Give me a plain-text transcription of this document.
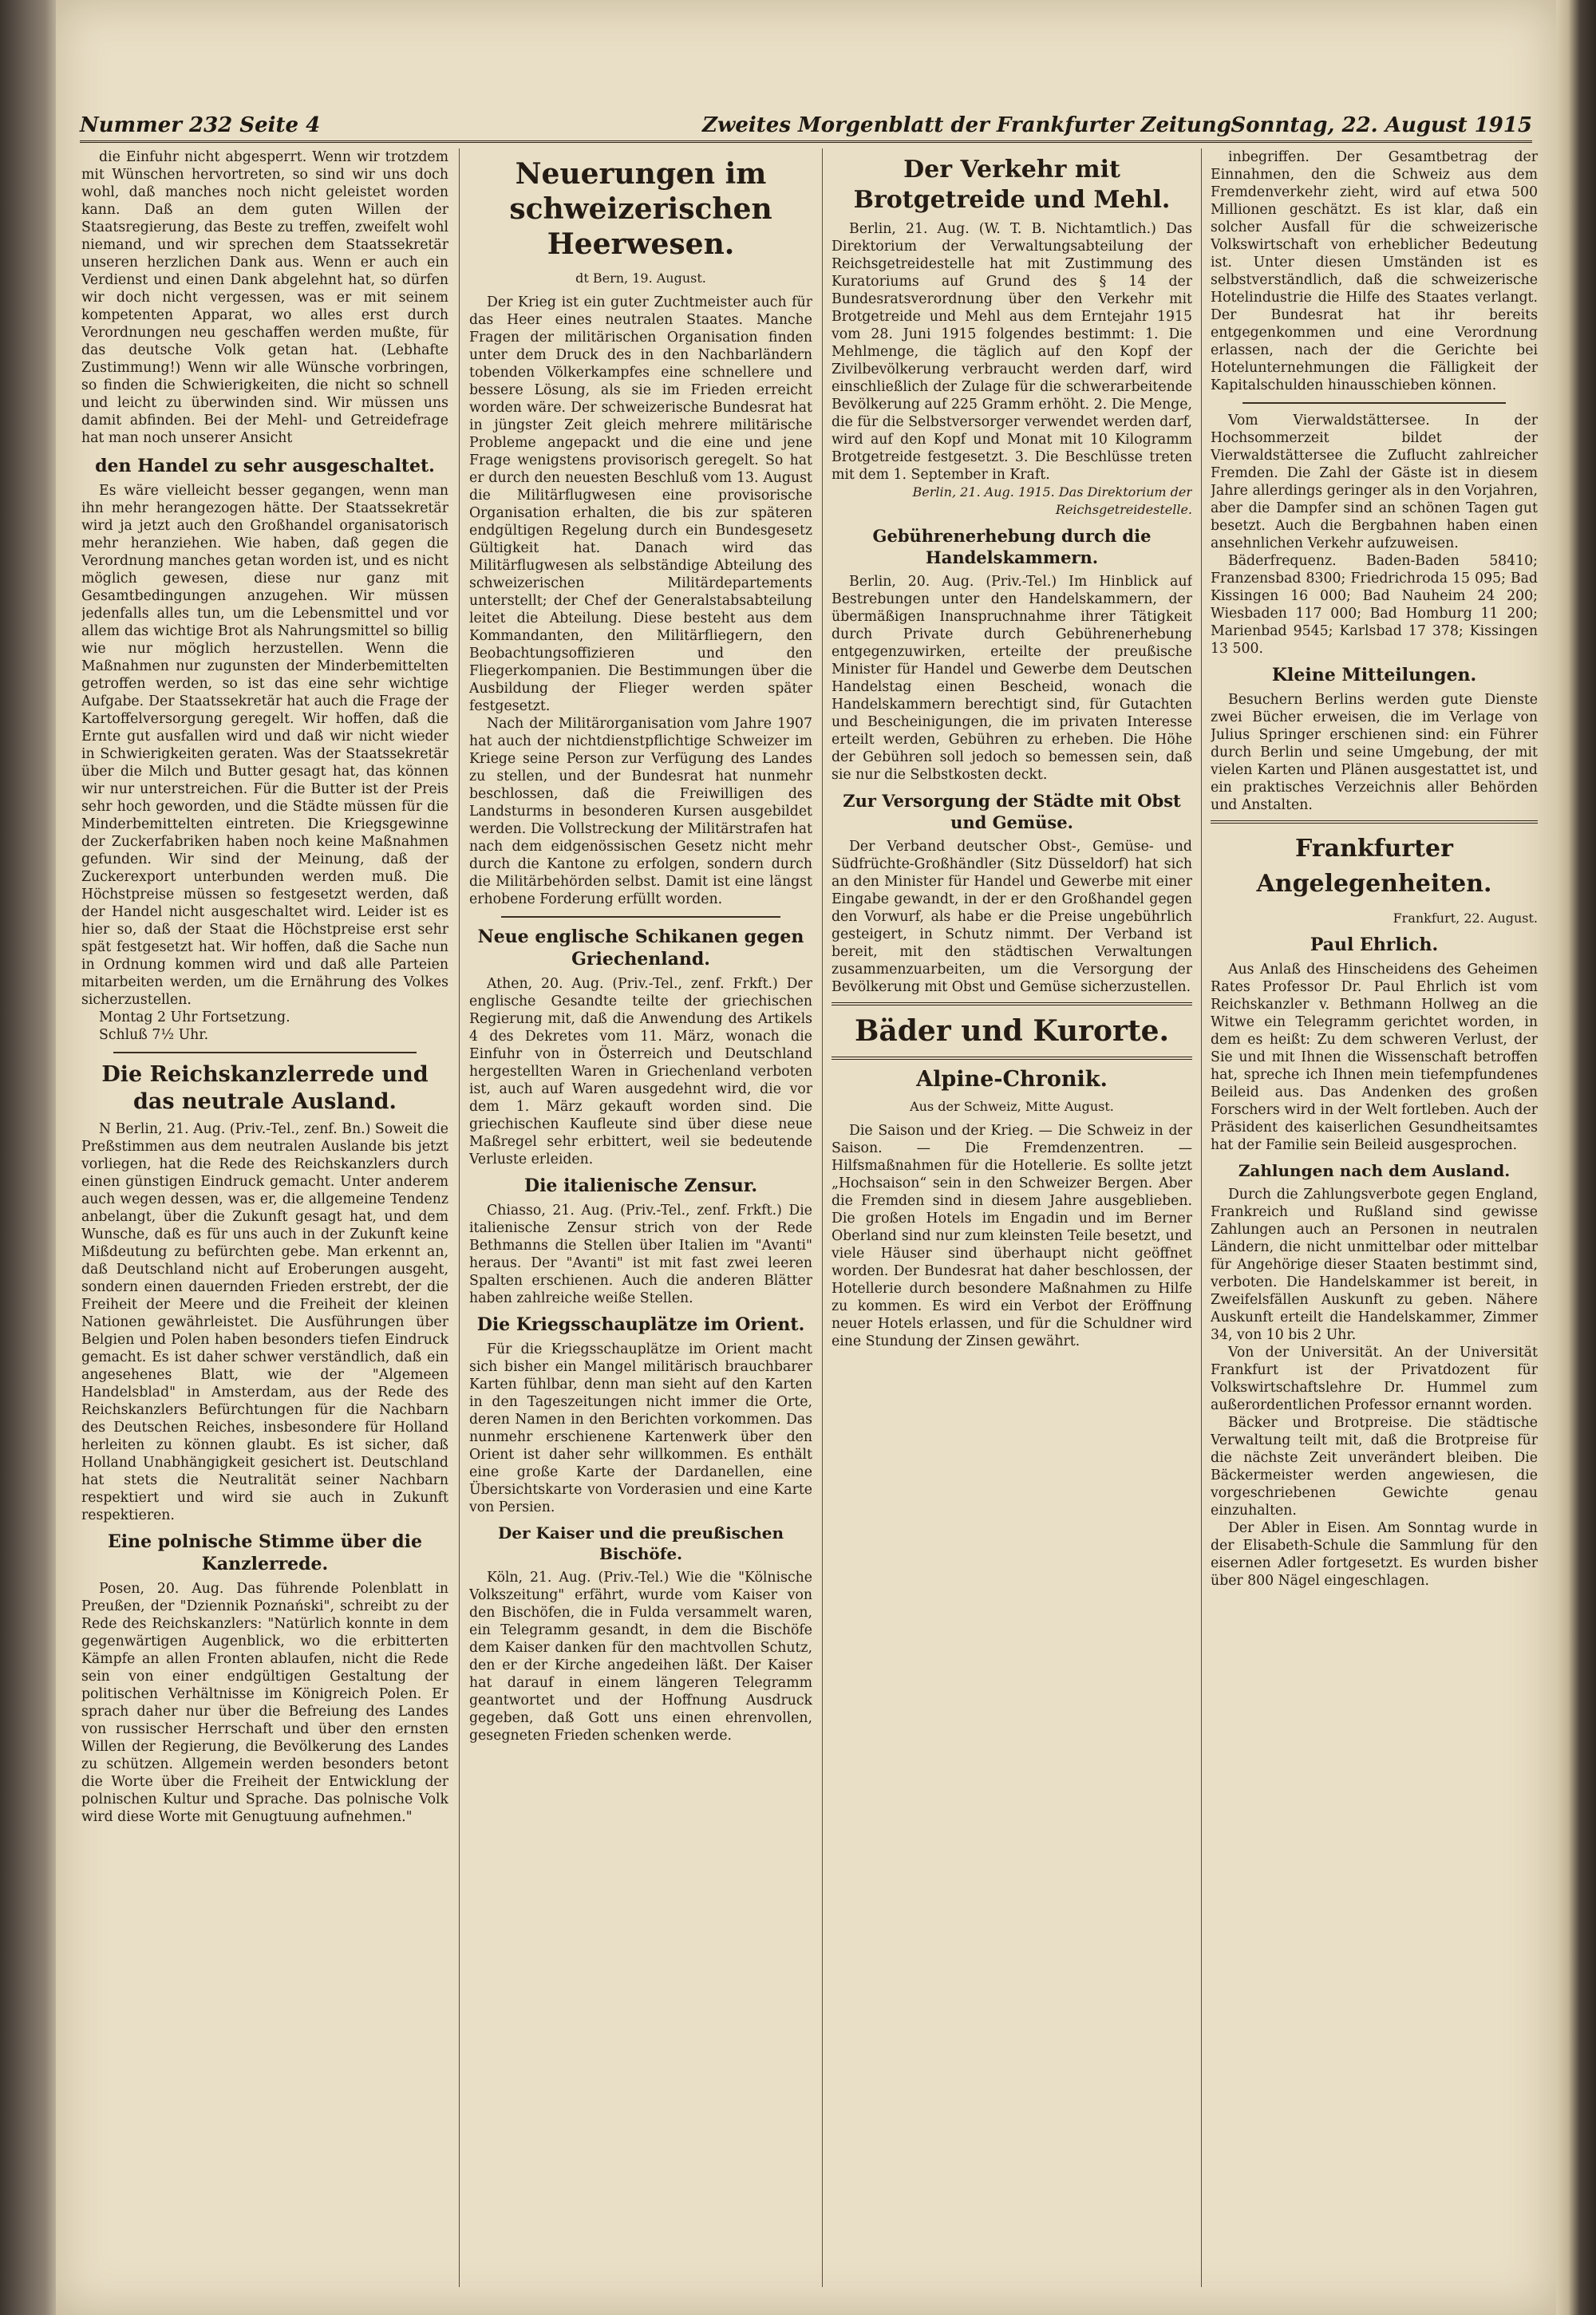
Nummer 232 Seite 4	Zweites Morgenblatt der Frankfurter Zeitung Sonntag, 22. August 1915
die Einfuhr nicht abgesperrt. Wenn wir trotzdem mit Wünschen hervortreten, so sind wir uns doch wohl, daß manches noch nicht geleistet worden kann. Daß an dem guten Willen der Staatsregierung, das Beste zu treffen, zweifelt wohl niemand, und wir sprechen dem Staatssekretär unseren herzlichen Dank aus. Wenn er auch ein Verdienst und einen Dank abgelehnt hat, so dürfen wir doch nicht vergessen, was er mit seinem kompetenten Apparat, wo alles erst durch Verordnungen neu geschaffen werden mußte, für das deutsche Volk getan hat. (Lebhafte Zustimmung!) Wenn wir alle Wünsche vorbringen, so finden die Schwierigkeiten, die nicht so schnell und leicht zu überwinden sind. Wir müssen uns damit abfinden. Bei der Mehl- und Getreidefrage hat man noch unserer Ansicht
den Handel zu sehr ausgeschaltet.
Es wäre vielleicht besser gegangen, wenn man ihn mehr herangezogen hätte. Der Staatssekretär wird ja jetzt auch den Großhandel organisatorisch mehr heranziehen. Wie haben, daß gegen die Verordnung manches getan worden ist, und es nicht möglich gewesen, diese nur ganz mit Gesamtbedingungen anzugehen. Wir müssen jedenfalls alles tun, um die Lebensmittel und vor allem das wichtige Brot als Nahrungsmittel so billig wie nur möglich herzustellen. Wenn die Maßnahmen nur zugunsten der Minderbemittelten getroffen werden, so ist das eine sehr wichtige Aufgabe. Der Staatssekretär hat auch die Frage der Kartoffelversorgung geregelt. Wir hoffen, daß die Ernte gut ausfallen wird und daß wir nicht wieder in Schwierigkeiten geraten. Was der Staatssekretär über die Milch und Butter gesagt hat, das können wir nur unterstreichen. Für die Butter ist der Preis sehr hoch geworden, und die Städte müssen für die Minderbemittelten eintreten. Die Kriegsgewinne der Zuckerfabriken haben noch keine Maßnahmen gefunden. Wir sind der Meinung, daß der Zuckerexport unterbunden werden muß. Die Höchstpreise müssen so festgesetzt werden, daß der Handel nicht ausgeschaltet wird. Leider ist es hier so, daß der Staat die Höchstpreise erst sehr spät festgesetzt hat. Wir hoffen, daß die Sache nun in Ordnung kommen wird und daß alle Parteien mitarbeiten werden, um die Ernährung des Volkes sicherzustellen.
Montag 2 Uhr Fortsetzung.
Schluß 7½ Uhr.
Die Reichskanzlerrede und das neutrale Ausland.
N Berlin, 21. Aug. (Priv.-Tel., zenf. Bn.) Soweit die Preßstimmen aus dem neutralen Auslande bis jetzt vorliegen, hat die Rede des Reichskanzlers durch einen günstigen Eindruck gemacht. Unter anderem auch wegen dessen, was er, die allgemeine Tendenz anbelangt, über die Zukunft gesagt hat, und dem Wunsche, daß es für uns auch in der Zukunft keine Mißdeutung zu befürchten gebe. Man erkennt an, daß Deutschland nicht auf Eroberungen ausgeht, sondern einen dauernden Frieden erstrebt, der die Freiheit der Meere und die Freiheit der kleinen Nationen gewährleistet. Die Ausführungen über Belgien und Polen haben besonders tiefen Eindruck gemacht. Es ist daher schwer verständlich, daß ein angesehenes Blatt, wie der "Algemeen Handelsblad" in Amsterdam, aus der Rede des Reichskanzlers Befürchtungen für die Nachbarn des Deutschen Reiches, insbesondere für Holland herleiten zu können glaubt. Es ist sicher, daß Holland Unabhängigkeit gesichert ist. Deutschland hat stets die Neutralität seiner Nachbarn respektiert und wird sie auch in Zukunft respektieren.
Eine polnische Stimme über die Kanzlerrede.
Posen, 20. Aug. Das führende Polenblatt in Preußen, der "Dziennik Poznański", schreibt zu der Rede des Reichskanzlers: "Natürlich konnte in dem gegenwärtigen Augenblick, wo die erbitterten Kämpfe an allen Fronten ablaufen, nicht die Rede sein von einer endgültigen Gestaltung der politischen Verhältnisse im Königreich Polen. Er sprach daher nur über die Befreiung des Landes von russischer Herrschaft und über den ernsten Willen der Regierung, die Bevölkerung des Landes zu schützen. Allgemein werden besonders betont die Worte über die Freiheit der Entwicklung der polnischen Kultur und Sprache. Das polnische Volk wird diese Worte mit Genugtuung aufnehmen."
Neuerungen im schweizerischen Heerwesen.
dt Bern, 19. August.
Der Krieg ist ein guter Zuchtmeister auch für das Heer eines neutralen Staates. Manche Fragen der militärischen Organisation finden unter dem Druck des in den Nachbarländern tobenden Völkerkampfes eine schnellere und bessere Lösung, als sie im Frieden erreicht worden wäre. Der schweizerische Bundesrat hat in jüngster Zeit gleich mehrere militärische Probleme angepackt und die eine und jene Frage wenigstens provisorisch geregelt. So hat er durch den neuesten Beschluß vom 13. August die Militärflugwesen eine provisorische Organisation erhalten, die bis zur späteren endgültigen Regelung durch ein Bundesgesetz Gültigkeit hat. Danach wird das Militärflugwesen als selbständige Abteilung des schweizerischen Militärdepartements unterstellt; der Chef der Generalstabsabteilung leitet die Abteilung. Diese besteht aus dem Kommandanten, den Militärfliegern, den Beobachtungsoffizieren und den Fliegerkompanien. Die Bestimmungen über die Ausbildung der Flieger werden später festgesetzt.
Nach der Militärorganisation vom Jahre 1907 hat auch der nichtdienstpflichtige Schweizer im Kriege seine Person zur Verfügung des Landes zu stellen, und der Bundesrat hat nunmehr beschlossen, daß die Freiwilligen des Landsturms in besonderen Kursen ausgebildet werden. Die Vollstreckung der Militärstrafen hat nach dem eidgenössischen Gesetz nicht mehr durch die Kantone zu erfolgen, sondern durch die Militärbehörden selbst. Damit ist eine längst erhobene Forderung erfüllt worden.
Neue englische Schikanen gegen Griechenland.
Athen, 20. Aug. (Priv.-Tel., zenf. Frkft.) Der englische Gesandte teilte der griechischen Regierung mit, daß die Anwendung des Artikels 4 des Dekretes vom 11. März, wonach die Einfuhr von in Österreich und Deutschland hergestellten Waren in Griechenland verboten ist, auch auf Waren ausgedehnt wird, die vor dem 1. März gekauft worden sind. Die griechischen Kaufleute sind über diese neue Maßregel sehr erbittert, weil sie bedeutende Verluste erleiden.
Die italienische Zensur.
Chiasso, 21. Aug. (Priv.-Tel., zenf. Frkft.) Die italienische Zensur strich von der Rede Bethmanns die Stellen über Italien im "Avanti" heraus. Der "Avanti" ist mit fast zwei leeren Spalten erschienen. Auch die anderen Blätter haben zahlreiche weiße Stellen.
Die Kriegsschauplätze im Orient.
Für die Kriegsschauplätze im Orient macht sich bisher ein Mangel militärisch brauchbarer Karten fühlbar, denn man sieht auf den Karten in den Tageszeitungen nicht immer die Orte, deren Namen in den Berichten vorkommen. Das nunmehr erschienene Kartenwerk über den Orient ist daher sehr willkommen. Es enthält eine große Karte der Dardanellen, eine Übersichtskarte von Vorderasien und eine Karte von Persien.
Der Kaiser und die preußischen Bischöfe.
Köln, 21. Aug. (Priv.-Tel.) Wie die "Kölnische Volkszeitung" erfährt, wurde vom Kaiser von den Bischöfen, die in Fulda versammelt waren, ein Telegramm gesandt, in dem die Bischöfe dem Kaiser danken für den machtvollen Schutz, den er der Kirche angedeihen läßt. Der Kaiser hat darauf in einem längeren Telegramm geantwortet und der Hoffnung Ausdruck gegeben, daß Gott uns einen ehrenvollen, gesegneten Frieden schenken werde.
Der Verkehr mit Brotgetreide und Mehl.
Berlin, 21. Aug. (W. T. B. Nichtamtlich.) Das Direktorium der Verwaltungsabteilung der Reichsgetreidestelle hat mit Zustimmung des Kuratoriums auf Grund des § 14 der Bundesratsverordnung über den Verkehr mit Brotgetreide und Mehl aus dem Erntejahr 1915 vom 28. Juni 1915 folgendes bestimmt: 1. Die Mehlmenge, die täglich auf den Kopf der Zivilbevölkerung verbraucht werden darf, wird einschließlich der Zulage für die schwerarbeitende Bevölkerung auf 225 Gramm erhöht. 2. Die Menge, die für die Selbstversorger verwendet werden darf, wird auf den Kopf und Monat mit 10 Kilogramm Brotgetreide festgesetzt. 3. Die Beschlüsse treten mit dem 1. September in Kraft.
Berlin, 21. Aug. 1915. Das Direktorium der Reichsgetreidestelle.
Gebührenerhebung durch die Handelskammern.
Berlin, 20. Aug. (Priv.-Tel.) Im Hinblick auf Bestrebungen unter den Handelskammern, der übermäßigen Inanspruchnahme ihrer Tätigkeit durch Private durch Gebührenerhebung entgegenzuwirken, erteilte der preußische Minister für Handel und Gewerbe dem Deutschen Handelstag einen Bescheid, wonach die Handelskammern berechtigt sind, für Gutachten und Bescheinigungen, die im privaten Interesse erteilt werden, Gebühren zu erheben. Die Höhe der Gebühren soll jedoch so bemessen sein, daß sie nur die Selbstkosten deckt.
Zur Versorgung der Städte mit Obst und Gemüse.
Der Verband deutscher Obst-, Gemüse- und Südfrüchte-Großhändler (Sitz Düsseldorf) hat sich an den Minister für Handel und Gewerbe mit einer Eingabe gewandt, in der er den Großhandel gegen den Vorwurf, als habe er die Preise ungebührlich gesteigert, in Schutz nimmt. Der Verband ist bereit, mit den städtischen Verwaltungen zusammenzuarbeiten, um die Versorgung der Bevölkerung mit Obst und Gemüse sicherzustellen.
Bäder und Kurorte.
Alpine-Chronik.
Aus der Schweiz, Mitte August.
Die Saison und der Krieg. — Die Schweiz in der Saison. — Die Fremdenzentren. — Hilfsmaßnahmen für die Hotellerie. Es sollte jetzt „Hochsaison“ sein in den Schweizer Bergen. Aber die Fremden sind in diesem Jahre ausgeblieben. Die großen Hotels im Engadin und im Berner Oberland sind nur zum kleinsten Teile besetzt, und viele Häuser sind überhaupt nicht geöffnet worden. Der Bundesrat hat daher beschlossen, der Hotellerie durch besondere Maßnahmen zu Hilfe zu kommen. Es wird ein Verbot der Eröffnung neuer Hotels erlassen, und für die Schuldner wird eine Stundung der Zinsen gewährt.
inbegriffen. Der Gesamtbetrag der Einnahmen, den die Schweiz aus dem Fremdenverkehr zieht, wird auf etwa 500 Millionen geschätzt. Es ist klar, daß ein solcher Ausfall für die schweizerische Volkswirtschaft von erheblicher Bedeutung ist. Unter diesen Umständen ist es selbstverständlich, daß die schweizerische Hotelindustrie die Hilfe des Staates verlangt. Der Bundesrat hat ihr bereits entgegenkommen und eine Verordnung erlassen, nach der die Gerichte bei Hotelunternehmungen die Fälligkeit der Kapitalschulden hinausschieben können.
Vom Vierwaldstättersee. In der Hochsommerzeit bildet der Vierwaldstättersee die Zuflucht zahlreicher Fremden. Die Zahl der Gäste ist in diesem Jahre allerdings geringer als in den Vorjahren, aber die Dampfer sind an schönen Tagen gut besetzt. Auch die Bergbahnen haben einen ansehnlichen Verkehr aufzuweisen.
Bäderfrequenz. Baden-Baden 58410; Franzensbad 8300; Friedrichroda 15 095; Bad Kissingen 16 000; Bad Nauheim 24 200; Wiesbaden 117 000; Bad Homburg 11 200; Marienbad 9545; Karlsbad 17 378; Kissingen 13 500.
Kleine Mitteilungen.
Besuchern Berlins werden gute Dienste zwei Bücher erweisen, die im Verlage von Julius Springer erschienen sind: ein Führer durch Berlin und seine Umgebung, der mit vielen Karten und Plänen ausgestattet ist, und ein praktisches Verzeichnis aller Behörden und Anstalten.
Frankfurter Angelegenheiten.
Frankfurt, 22. August.
Paul Ehrlich.
Aus Anlaß des Hinscheidens des Geheimen Rates Professor Dr. Paul Ehrlich ist vom Reichskanzler v. Bethmann Hollweg an die Witwe ein Telegramm gerichtet worden, in dem es heißt: Zu dem schweren Verlust, der Sie und mit Ihnen die Wissenschaft betroffen hat, spreche ich Ihnen mein tiefempfundenes Beileid aus. Das Andenken des großen Forschers wird in der Welt fortleben. Auch der Präsident des kaiserlichen Gesundheitsamtes hat der Familie sein Beileid ausgesprochen.
Zahlungen nach dem Ausland.
Durch die Zahlungsverbote gegen England, Frankreich und Rußland sind gewisse Zahlungen auch an Personen in neutralen Ländern, die nicht unmittelbar oder mittelbar für Angehörige dieser Staaten bestimmt sind, verboten. Die Handelskammer ist bereit, in Zweifelsfällen Auskunft zu geben. Nähere Auskunft erteilt die Handelskammer, Zimmer 34, von 10 bis 2 Uhr.
Von der Universität. An der Universität Frankfurt ist der Privatdozent für Volkswirtschaftslehre Dr. Hummel zum außerordentlichen Professor ernannt worden.
Bäcker und Brotpreise. Die städtische Verwaltung teilt mit, daß die Brotpreise für die nächste Zeit unverändert bleiben. Die Bäckermeister werden angewiesen, die vorgeschriebenen Gewichte genau einzuhalten.
Der Abler in Eisen. Am Sonntag wurde in der Elisabeth-Schule die Sammlung für den eisernen Adler fortgesetzt. Es wurden bisher über 800 Nägel eingeschlagen.
